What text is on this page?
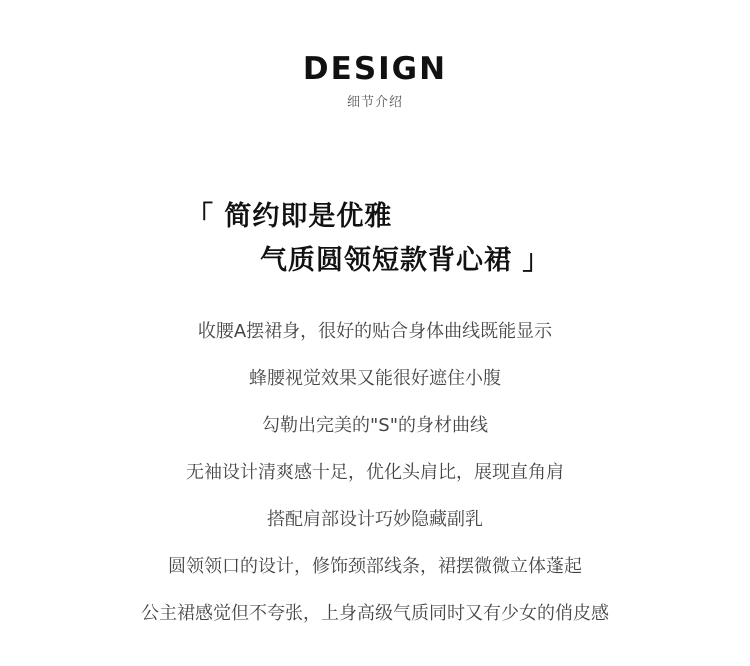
DESIGN
细节介绍
「 简约即是优雅
气质圆领短款背心裙 」
收腰A摆裙身，很好的贴合身体曲线既能显示
蜂腰视觉效果又能很好遮住小腹
勾勒出完美的"S"的身材曲线
无袖设计清爽感十足，优化头肩比，展现直角肩
搭配肩部设计巧妙隐藏副乳
圆领领口的设计，修饰颈部线条，裙摆微微立体蓬起
公主裙感觉但不夸张，上身高级气质同时又有少女的俏皮感
